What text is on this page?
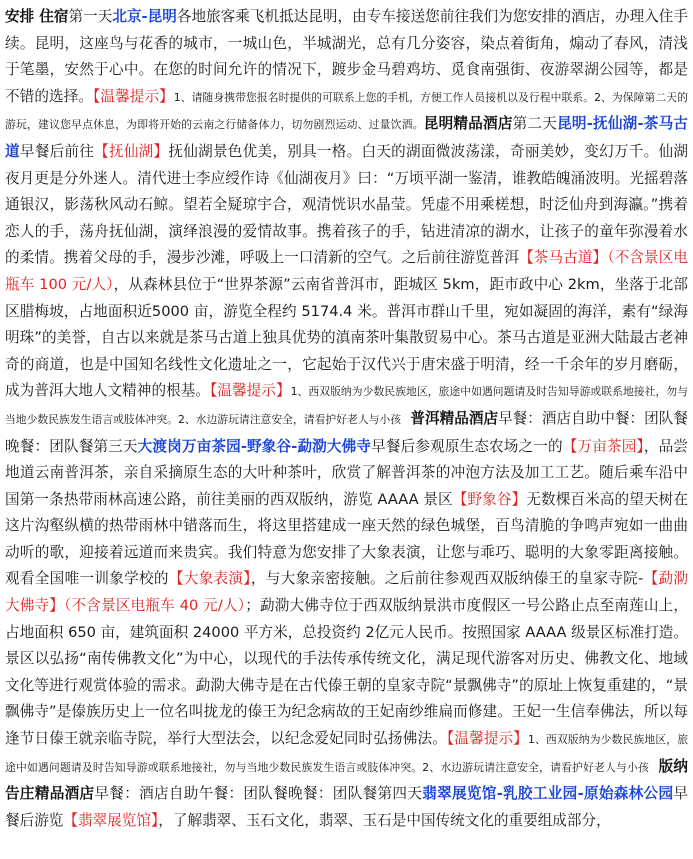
安排 住宿第一天北京-昆明各地旅客乘飞机抵达昆明，由专车接送您前往我们为您安排的酒店，办理入住手续。昆明，这座鸟与花香的城市，一城山色，半城湖光，总有几分姿容，染点着街角，煽动了春风，清浅于笔墨，安然于心中。在您的时间允许的情况下，踱步金马碧鸡坊、觅食南强街、夜游翠湖公园等，都是不错的选择。【温馨提示】1、请随身携带您报名时提供的可联系上您的手机，方便工作人员接机以及行程中联系。2、为保障第二天的游玩，建议您早点休息，为即将开始的云南之行储备体力，切勿剧烈运动、过量饮酒。昆明精品酒店第二天昆明-抚仙湖-茶马古道早餐后前往【抚仙湖】抚仙湖景色优美，别具一格。白天的湖面微波荡漾，奇丽美妙，变幻万千。仙湖夜月更是分外迷人。清代进士李应绶作诗《仙湖夜月》曰：“万顷平湖一鉴清，谁教皓魄涌波明。光摇碧落通银汉，影荡秋风动石鲸。望若全疑琼宇合，观清恍识水晶莹。凭虚不用乘槎想，时泛仙舟到海瀛。”携着恋人的手，荡舟抚仙湖，演绎浪漫的爱情故事。携着孩子的手，钻进清凉的湖水，让孩子的童年弥漫着水的柔情。携着父母的手，漫步沙滩，呼吸上一口清新的空气。之后前往游览普洱【茶马古道】（不含景区电瓶车 100 元/人），从森林县位于“世界茶源”云南省普洱市，距城区 5km，距市政中心 2km，坐落于北部区腊梅坡，占地面积近5000 亩，游览全程约 5174.4 米。普洱市群山千里，宛如凝固的海洋，素有“绿海明珠”的美誉，自古以来就是茶马古道上独具优势的滇南茶叶集散贸易中心。茶马古道是亚洲大陆最古老神奇的商道，也是中国知名线性文化遗址之一，它起始于汉代兴于唐宋盛于明清，经一千余年的岁月磨砺，成为普洱大地人文精神的根基。【温馨提示】1、西双版纳为少数民族地区，旅途中如遇问题请及时告知导游或联系地接社，勿与当地少数民族发生语言或肢体冲突。2、水边游玩请注意安全，请看护好老人与小孩 普洱精品酒店早餐：酒店自助中餐：团队餐晚餐：团队餐第三天大渡岗万亩茶园-野象谷-勐泐大佛寺早餐后参观原生态农场之一的【万亩茶园】，品尝地道云南普洱茶，亲自采摘原生态的大叶种茶叶，欣赏了解普洱茶的冲泡方法及加工工艺。随后乘车沿中国第一条热带雨林高速公路，前往美丽的西双版纳，游览 AAAA 景区【野象谷】无数棵百米高的望天树在这片沟壑纵横的热带雨林中错落而生，将这里搭建成一座天然的绿色城堡，百鸟清脆的争鸣声宛如一曲曲动听的歌，迎接着远道而来贵宾。我们特意为您安排了大象表演，让您与乖巧、聪明的大象零距离接触。观看全国唯一训象学校的【大象表演】，与大象亲密接触。之后前往参观西双版纳傣王的皇家寺院-【勐泐大佛寺】（不含景区电瓶车 40 元/人）；勐泐大佛寺位于西双版纳景洪市度假区一号公路止点至南莲山上，占地面积 650 亩，建筑面积 24000 平方米，总投资约 2亿元人民币。按照国家 AAAA 级景区标准打造。景区以弘扬“南传佛教文化”为中心，以现代的手法传承传统文化，满足现代游客对历史、佛教文化、地域文化等进行观赏体验的需求。勐泐大佛寺是在古代傣王朝的皇家寺院“景飘佛寺”的原址上恢复重建的，“景飘佛寺”是傣族历史上一位名叫拢龙的傣王为纪念病故的王妃南纱维扁而修建。王妃一生信奉佛法，所以每逢节日傣王就亲临寺院，举行大型法会，以纪念爱妃同时弘扬佛法。【温馨提示】1、西双版纳为少数民族地区，旅途中如遇问题请及时告知导游或联系地接社，勿与当地少数民族发生语言或肢体冲突。2、水边游玩请注意安全，请看护好老人与小孩 版纳告庄精品酒店早餐：酒店自助午餐：团队餐晚餐：团队餐第四天翡翠展览馆-乳胶工业园-原始森林公园早餐后游览【翡翠展览馆】，了解翡翠、玉石文化，翡翠、玉石是中国传统文化的重要组成部分，
